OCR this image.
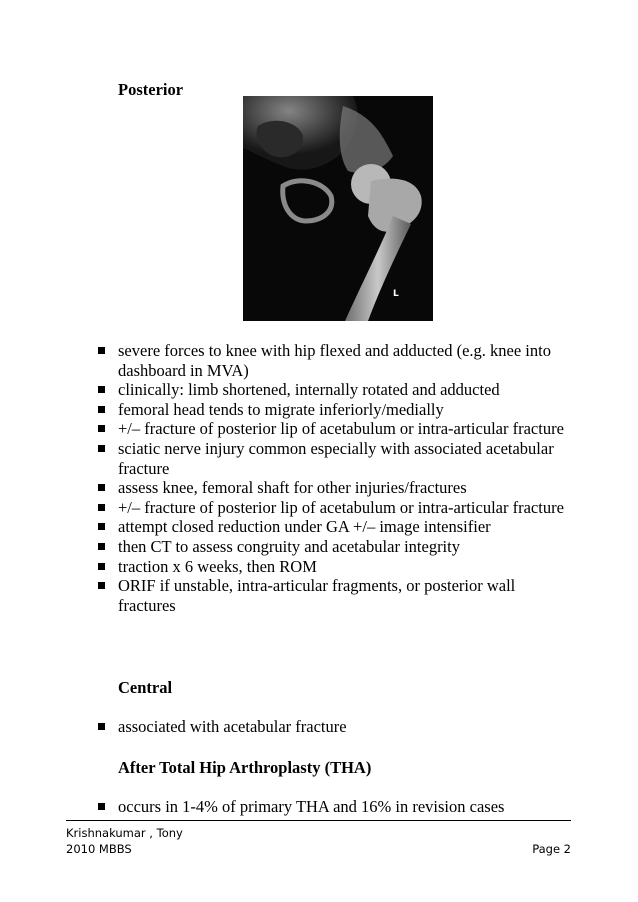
Posterior
L
severe forces to knee with hip flexed and adducted (e.g. knee into dashboard in MVA)
clinically: limb shortened, internally rotated and adducted
femoral head tends to migrate inferiorly/medially
+/– fracture of posterior lip of acetabulum or intra-articular fracture
sciatic nerve injury common especially with associated acetabular fracture
assess knee, femoral shaft for other injuries/fractures
+/– fracture of posterior lip of acetabulum or intra-articular fracture
attempt closed reduction under GA +/– image intensifier
then CT to assess congruity and acetabular integrity
traction x 6 weeks, then ROM
ORIF if unstable, intra-articular fragments, or posterior wall fractures
Central
associated with acetabular fracture
After Total Hip Arthroplasty (THA)
occurs in 1-4% of primary THA and 16% in revision cases
Krishnakumar , Tony
2010 MBBS	Page 2
